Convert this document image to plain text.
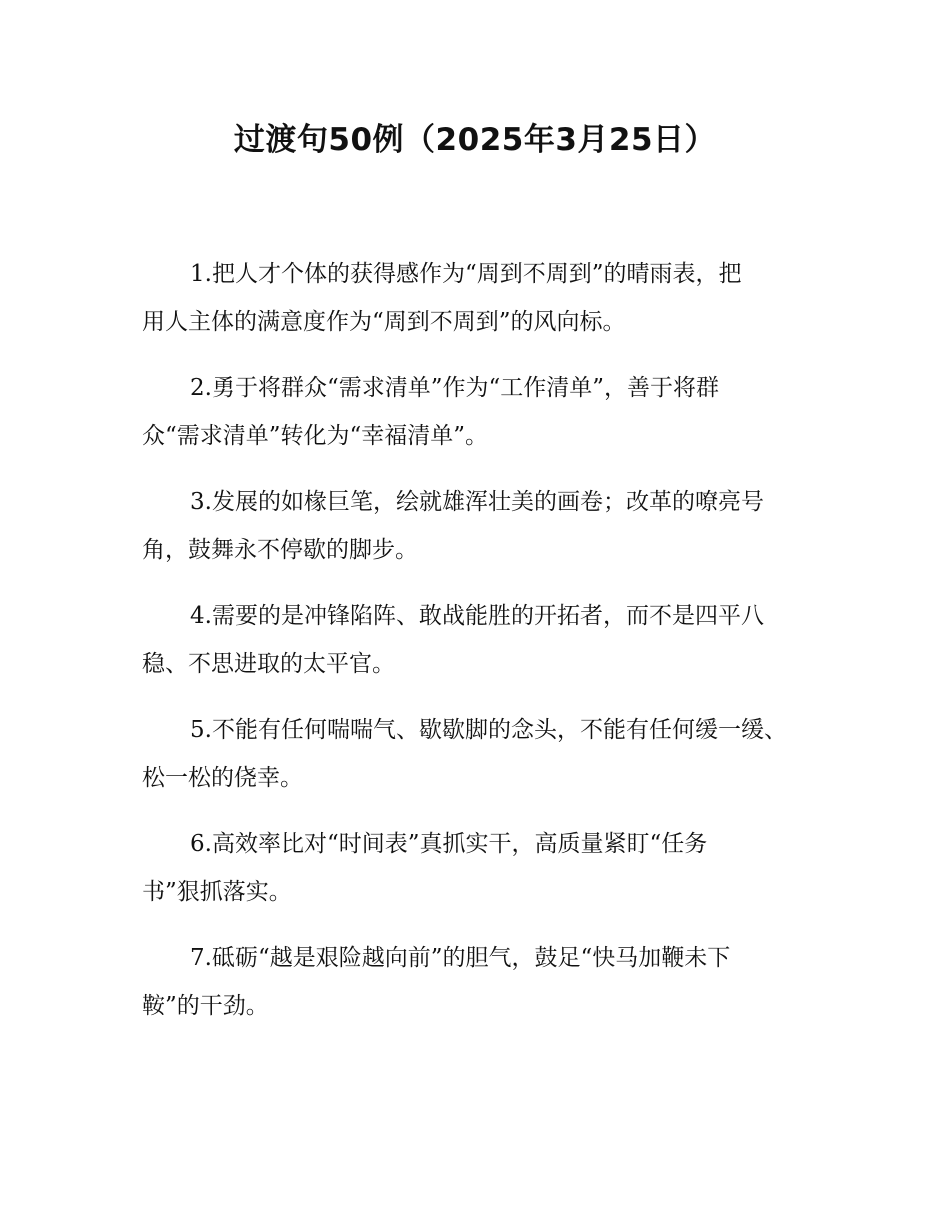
过渡句50例（2025年3月25日）

1.把人才个体的获得感作为“周到不周到”的晴雨表，把
用人主体的满意度作为“周到不周到”的风向标。

2.勇于将群众“需求清单”作为“工作清单”，善于将群
众“需求清单”转化为“幸福清单”。

3.发展的如椽巨笔，绘就雄浑壮美的画卷；改革的嘹亮号
角，鼓舞永不停歇的脚步。

4.需要的是冲锋陷阵、敢战能胜的开拓者，而不是四平八
稳、不思进取的太平官。

5.不能有任何喘喘气、歇歇脚的念头，不能有任何缓一缓、
松一松的侥幸。

6.高效率比对“时间表”真抓实干，高质量紧盯“任务
书”狠抓落实。

7.砥砺“越是艰险越向前”的胆气，鼓足“快马加鞭未下
鞍”的干劲。
